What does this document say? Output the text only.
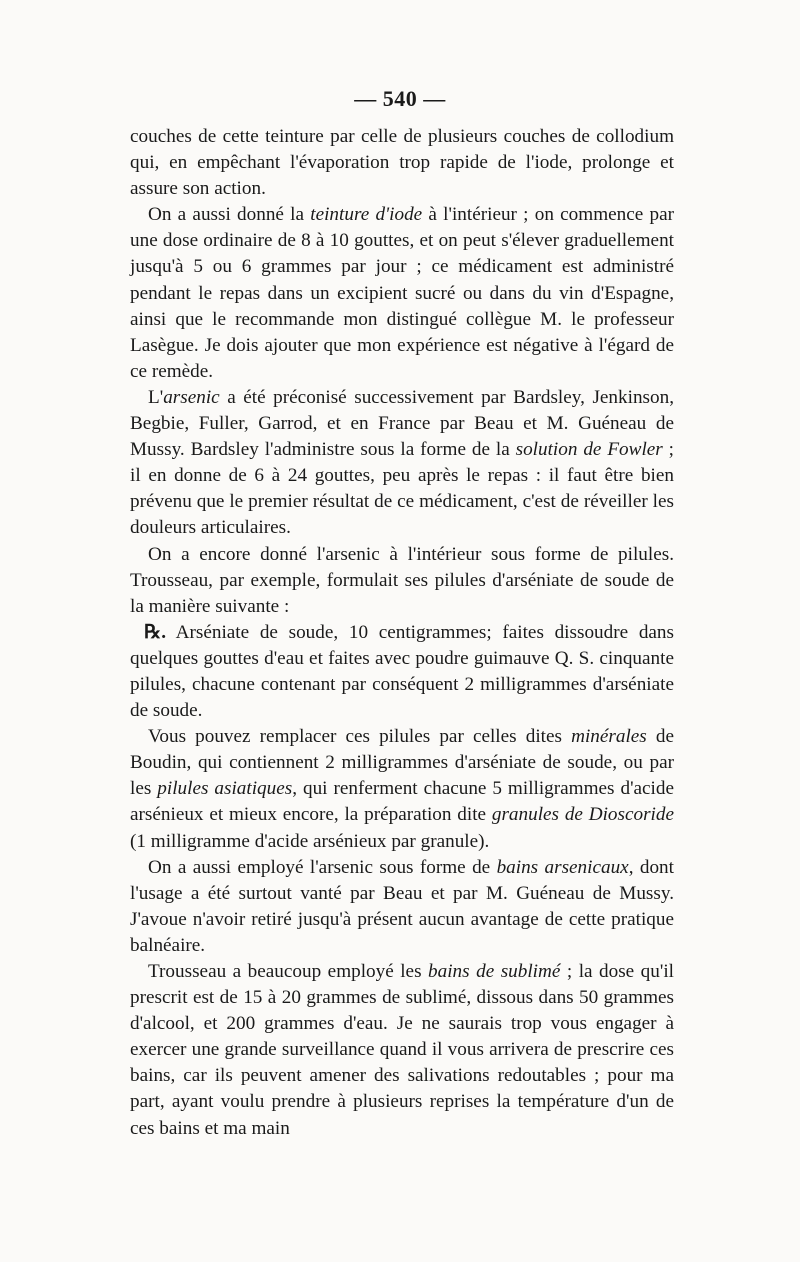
— 540 —

couches de cette teinture par celle de plusieurs couches de collodium qui, en empêchant l'évaporation trop rapide de l'iode, prolonge et assure son action.

On a aussi donné la teinture d'iode à l'intérieur ; on commence par une dose ordinaire de 8 à 10 gouttes, et on peut s'élever graduellement jusqu'à 5 ou 6 grammes par jour ; ce médicament est administré pendant le repas dans un excipient sucré ou dans du vin d'Espagne, ainsi que le recommande mon distingué collègue M. le professeur Lasègue. Je dois ajouter que mon expérience est négative à l'égard de ce remède.

L'arsenic a été préconisé successivement par Bardsley, Jenkinson, Begbie, Fuller, Garrod, et en France par Beau et M. Guéneau de Mussy. Bardsley l'administre sous la forme de la solution de Fowler ; il en donne de 6 à 24 gouttes, peu après le repas : il faut être bien prévenu que le premier résultat de ce médicament, c'est de réveiller les douleurs articulaires.

On a encore donné l'arsenic à l'intérieur sous forme de pilules. Trousseau, par exemple, formulait ses pilules d'arséniate de soude de la manière suivante :

℞. Arséniate de soude, 10 centigrammes; faites dissoudre dans quelques gouttes d'eau et faites avec poudre guimauve Q. S. cinquante pilules, chacune contenant par conséquent 2 milligrammes d'arséniate de soude.

Vous pouvez remplacer ces pilules par celles dites minérales de Boudin, qui contiennent 2 milligrammes d'arséniate de soude, ou par les pilules asiatiques, qui renferment chacune 5 milligrammes d'acide arsénieux et mieux encore, la préparation dite granules de Dioscoride (1 milligramme d'acide arsénieux par granule).

On a aussi employé l'arsenic sous forme de bains arsenicaux, dont l'usage a été surtout vanté par Beau et par M. Guéneau de Mussy. J'avoue n'avoir retiré jusqu'à présent aucun avantage de cette pratique balnéaire.

Trousseau a beaucoup employé les bains de sublimé ; la dose qu'il prescrit est de 15 à 20 grammes de sublimé, dissous dans 50 grammes d'alcool, et 200 grammes d'eau. Je ne saurais trop vous engager à exercer une grande surveillance quand il vous arrivera de prescrire ces bains, car ils peuvent amener des salivations redoutables ; pour ma part, ayant voulu prendre à plusieurs reprises la température d'un de ces bains et ma main
